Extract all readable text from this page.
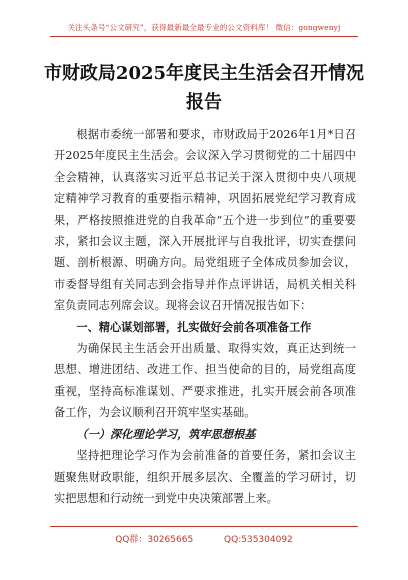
关注头条号“公文研究”，获得最新最全最专业的公文资料库！ 微信：gongwenyj
市财政局2025年度民主生活会召开情况报告

根据市委统一部署和要求，市财政局于2026年1月*日召开2025年度民主生活会。会议深入学习贯彻党的二十届四中全会精神，认真落实习近平总书记关于深入贯彻中央八项规定精神学习教育的重要指示精神，巩固拓展党纪学习教育成果，严格按照推进党的自我革命“五个进一步到位”的重要要求，紧扣会议主题，深入开展批评与自我批评，切实查摆问题、剖析根源、明确方向。局党组班子全体成员参加会议，市委督导组有关同志到会指导并作点评讲话，局机关相关科室负责同志列席会议。现将会议召开情况报告如下：

一、精心谋划部署，扎实做好会前各项准备工作

为确保民主生活会开出质量、取得实效，真正达到统一思想、增进团结、改进工作、担当使命的目的，局党组高度重视，坚持高标准谋划、严要求推进，扎实开展会前各项准备工作，为会议顺利召开筑牢坚实基础。

（一）深化理论学习，筑牢思想根基

坚持把理论学习作为会前准备的首要任务，紧扣会议主题聚焦财政职能，组织开展多层次、全覆盖的学习研讨，切实把思想和行动统一到党中央决策部署上来。

QQ群：30265665	QQ:535304092
